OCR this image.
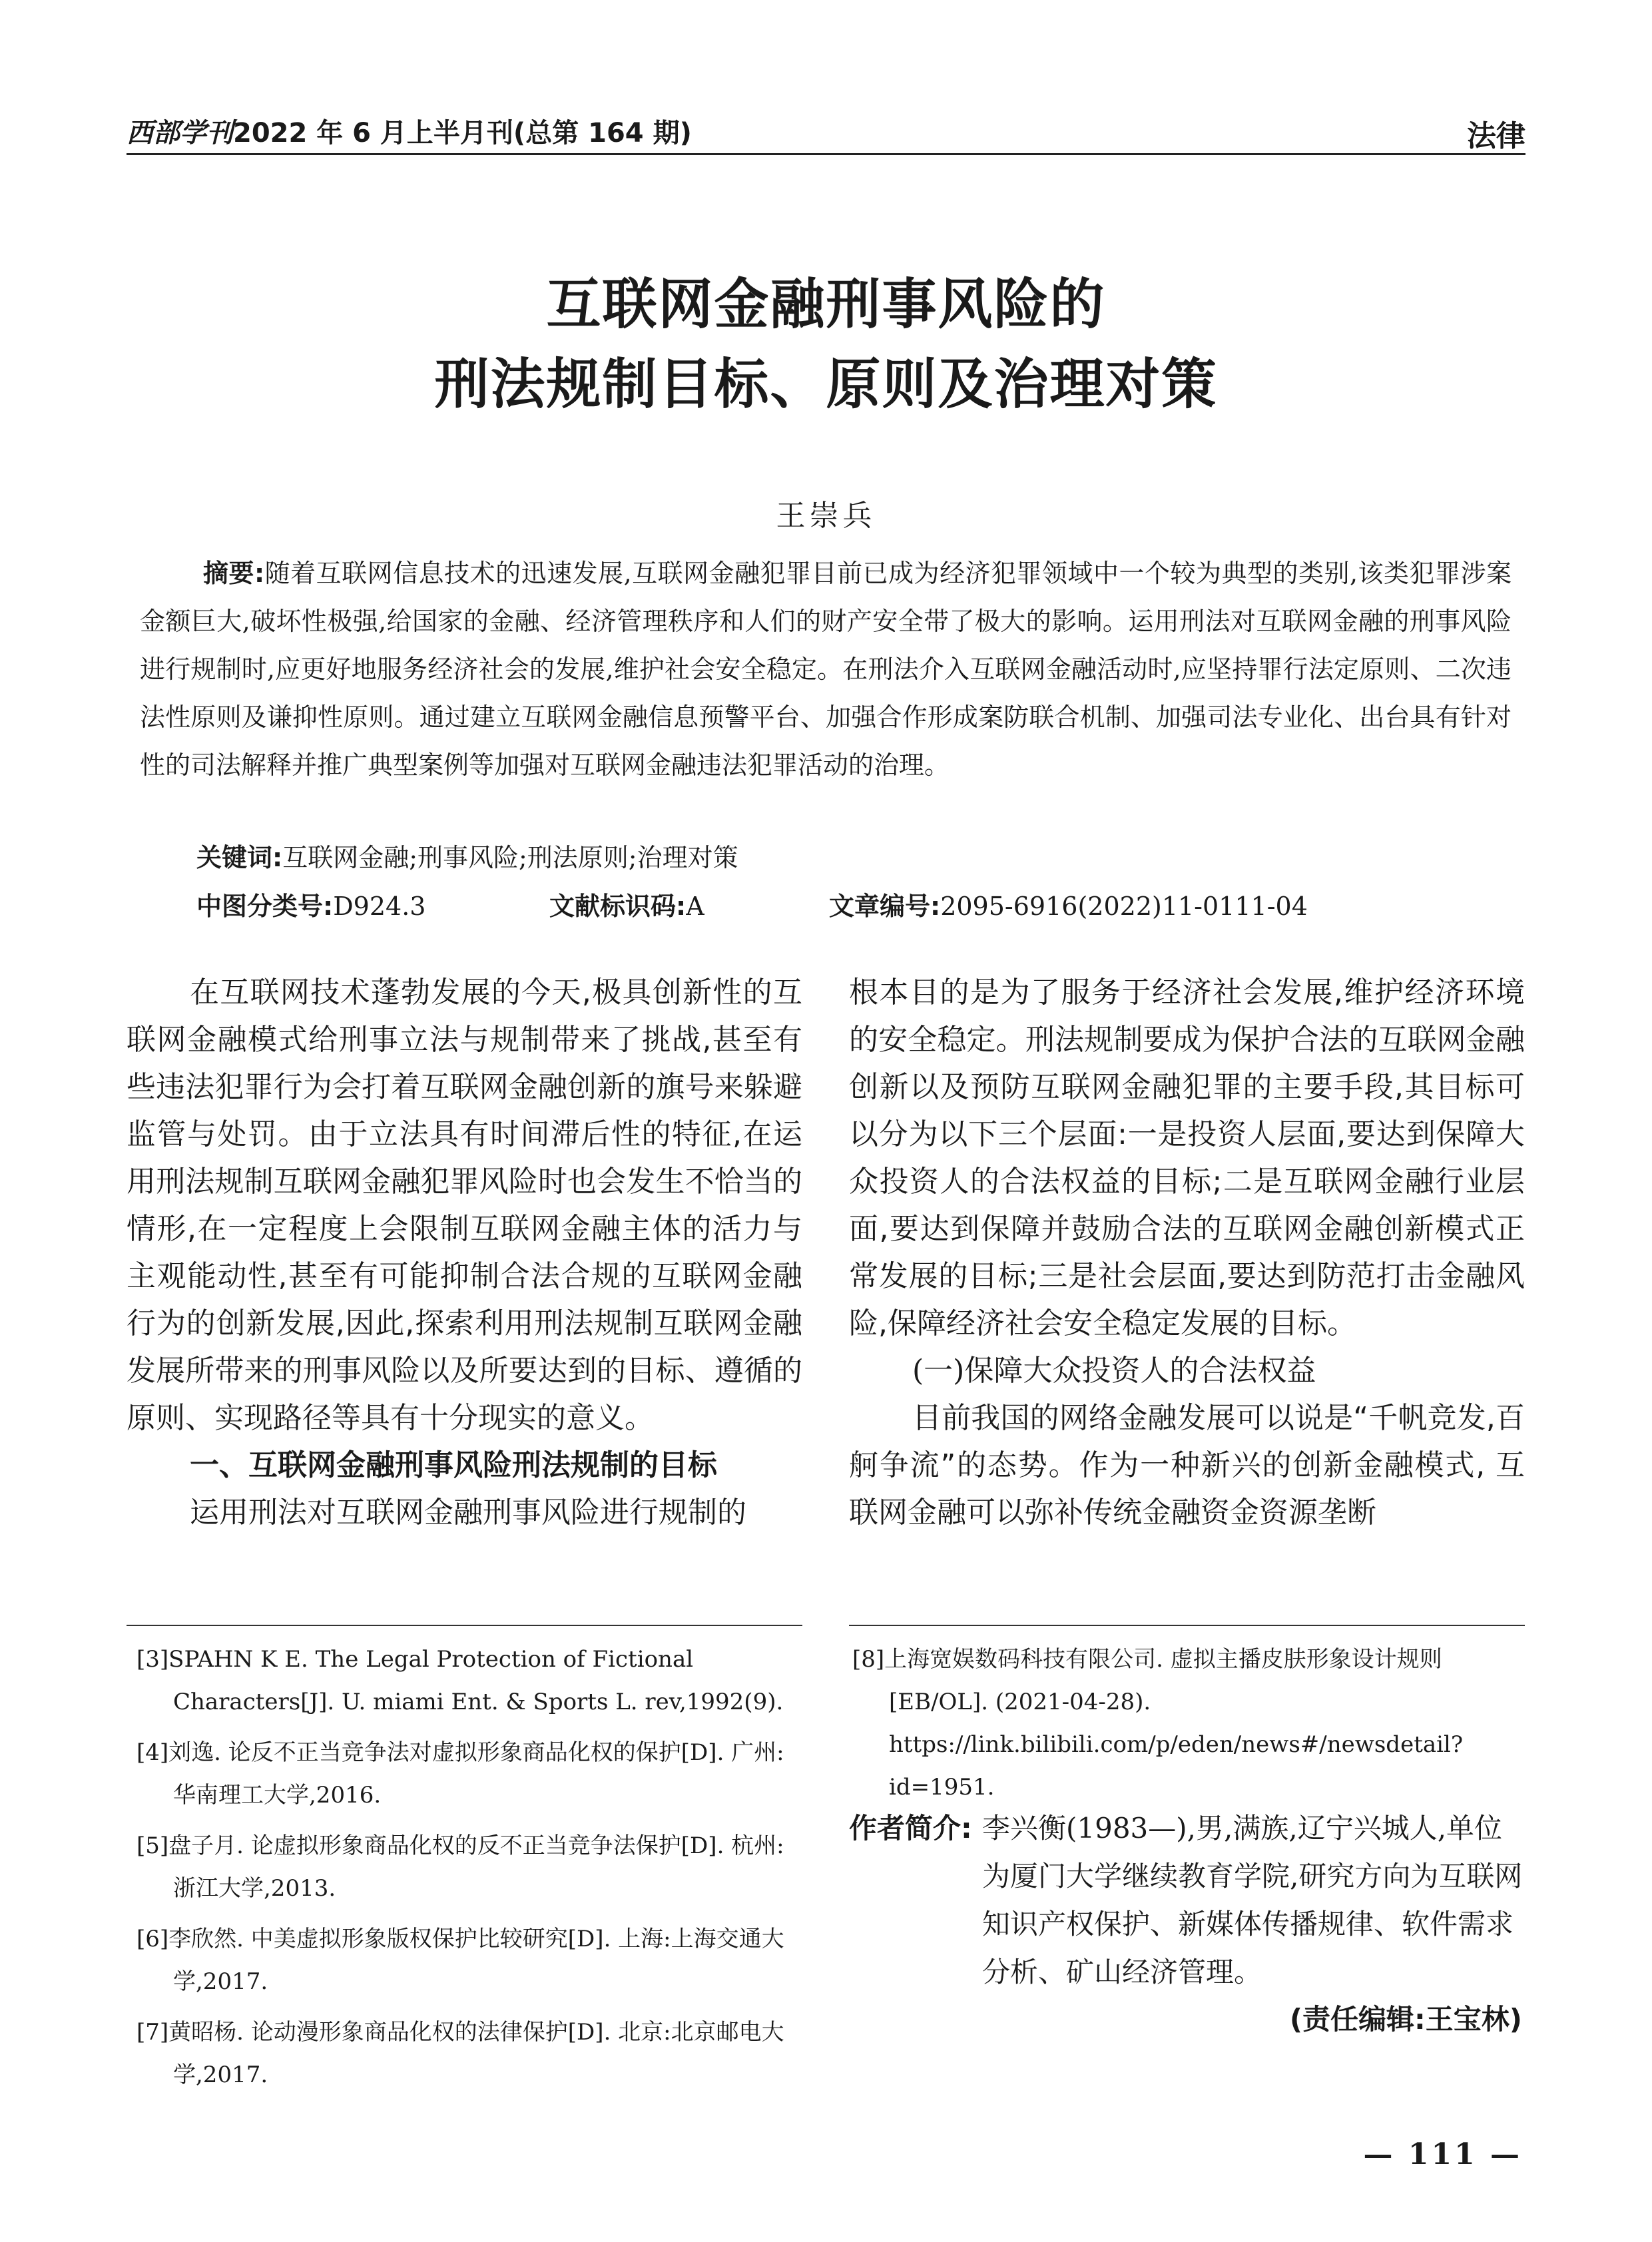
西部学刊2022 年 6 月上半月刊(总第 164 期)	法律
互联网金融刑事风险的
刑法规制目标、原则及治理对策
王崇兵
摘要:随着互联网信息技术的迅速发展,互联网金融犯罪目前已成为经济犯罪领域中一个较为典型的类别,该类犯罪涉案金额巨大,破坏性极强,给国家的金融、经济管理秩序和人们的财产安全带了极大的影响。运用刑法对互联网金融的刑事风险进行规制时,应更好地服务经济社会的发展,维护社会安全稳定。在刑法介入互联网金融活动时,应坚持罪行法定原则、二次违法性原则及谦抑性原则。通过建立互联网金融信息预警平台、加强合作形成案防联合机制、加强司法专业化、出台具有针对性的司法解释并推广典型案例等加强对互联网金融违法犯罪活动的治理。
关键词:互联网金融;刑事风险;刑法原则;治理对策
中图分类号:D924.3	文献标识码:A	文章编号:2095-6916(2022)11-0111-04

在互联网技术蓬勃发展的今天,极具创新性的互联网金融模式给刑事立法与规制带来了挑战,甚至有些违法犯罪行为会打着互联网金融创新的旗号来躲避监管与处罚。由于立法具有时间滞后性的特征,在运用刑法规制互联网金融犯罪风险时也会发生不恰当的情形,在一定程度上会限制互联网金融主体的活力与主观能动性,甚至有可能抑制合法合规的互联网金融行为的创新发展,因此,探索利用刑法规制互联网金融发展所带来的刑事风险以及所要达到的目标、遵循的原则、实现路径等具有十分现实的意义。

一、互联网金融刑事风险刑法规制的目标

运用刑法对互联网金融刑事风险进行规制的

根本目的是为了服务于经济社会发展,维护经济环境的安全稳定。刑法规制要成为保护合法的互联网金融创新以及预防互联网金融犯罪的主要手段,其目标可以分为以下三个层面:一是投资人层面,要达到保障大众投资人的合法权益的目标;二是互联网金融行业层面,要达到保障并鼓励合法的互联网金融创新模式正常发展的目标;三是社会层面,要达到防范打击金融风险,保障经济社会安全稳定发展的目标。

(一)保障大众投资人的合法权益

目前我国的网络金融发展可以说是“千帆竞发,百舸争流”的态势。作为一种新兴的创新金融模式, 互联网金融可以弥补传统金融资金资源垄断

[3]SPAHN K E. The Legal Protection of Fictional Characters[J]. U. miami Ent. & Sports L. rev,1992(9).

[4]刘逸. 论反不正当竞争法对虚拟形象商品化权的保护[D]. 广州:华南理工大学,2016.

[5]盘子月. 论虚拟形象商品化权的反不正当竞争法保护[D]. 杭州:浙江大学,2013.

[6]李欣然. 中美虚拟形象版权保护比较研究[D]. 上海:上海交通大学,2017.

[7]黄昭杨. 论动漫形象商品化权的法律保护[D]. 北京:北京邮电大学,2017.

[8]上海宽娱数码科技有限公司. 虚拟主播皮肤形象设计规则[EB/OL]. (2021-04-28). https://link.bilibili.com/p/eden/news#/newsdetail? id=1951.

作者简介: 李兴衡(1983—),男,满族,辽宁兴城人,单位为厦门大学继续教育学院,研究方向为互联网知识产权保护、新媒体传播规律、软件需求分析、矿山经济管理。
(责任编辑:王宝林)
— 111 —
